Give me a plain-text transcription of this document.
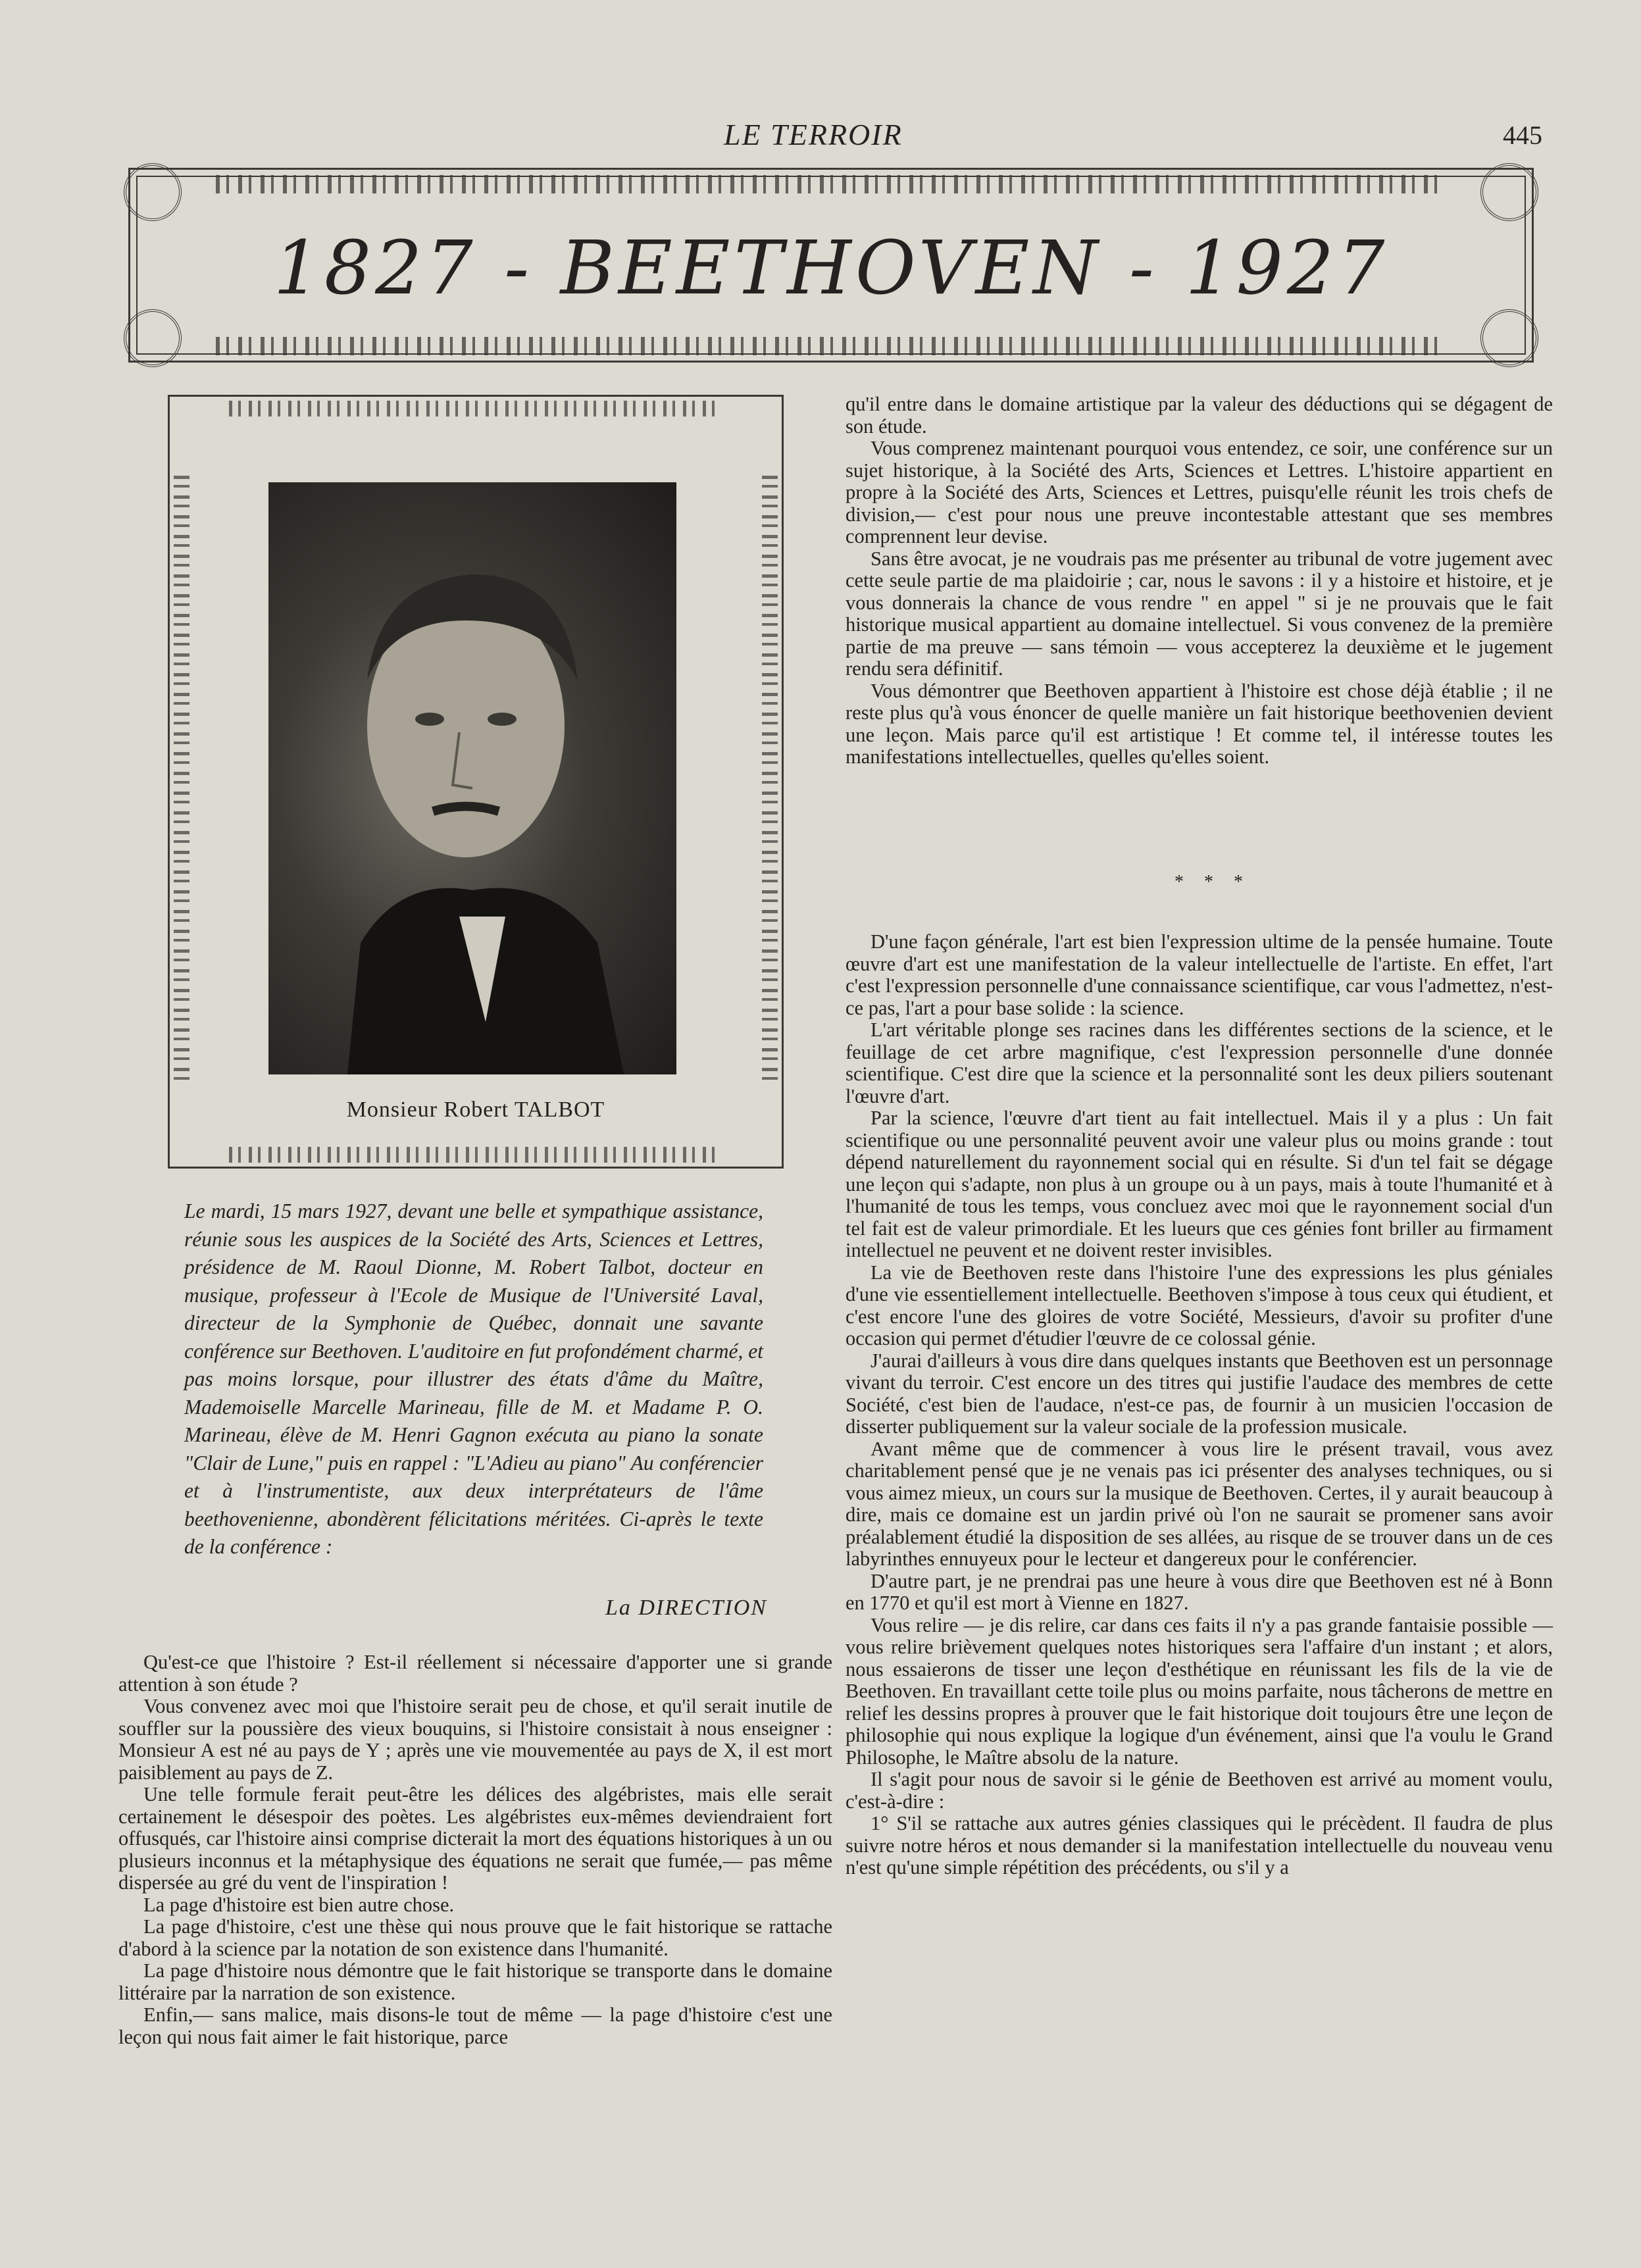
LE TERROIR	445
1827 - BEETHOVEN - 1927
Monsieur Robert TALBOT
Le mardi, 15 mars 1927, devant une belle et sympathique assistance, réunie sous les auspices de la Société des Arts, Sciences et Lettres, présidence de M. Raoul Dionne, M. Robert Talbot, docteur en musique, professeur à l'Ecole de Musique de l'Université Laval, directeur de la Symphonie de Québec, donnait une savante conférence sur Beethoven. L'auditoire en fut profondément charmé, et pas moins lorsque, pour illustrer des états d'âme du Maître, Mademoiselle Marcelle Marineau, fille de M. et Madame P. O. Marineau, élève de M. Henri Gagnon exécuta au piano la sonate "Clair de Lune," puis en rappel : "L'Adieu au piano" Au conférencier et à l'instrumentiste, aux deux interprétateurs de l'âme beethovenienne, abondèrent félicitations méritées. Ci-après le texte de la conférence :
La DIRECTION

Qu'est-ce que l'histoire ? Est-il réellement si nécessaire d'apporter une si grande attention à son étude ?

Vous convenez avec moi que l'histoire serait peu de chose, et qu'il serait inutile de souffler sur la poussière des vieux bouquins, si l'histoire consistait à nous enseigner : Monsieur A est né au pays de Y ; après une vie mouvementée au pays de X, il est mort paisiblement au pays de Z.

Une telle formule ferait peut-être les délices des algébristes, mais elle serait certainement le désespoir des poètes. Les algébristes eux-mêmes deviendraient fort offusqués, car l'histoire ainsi comprise dicterait la mort des équations historiques à un ou plusieurs inconnus et la métaphysique des équations ne serait que fumée,— pas même dispersée au gré du vent de l'inspiration !

La page d'histoire est bien autre chose.

La page d'histoire, c'est une thèse qui nous prouve que le fait historique se rattache d'abord à la science par la notation de son existence dans l'humanité.

La page d'histoire nous démontre que le fait historique se transporte dans le domaine littéraire par la narration de son existence.

Enfin,— sans malice, mais disons-le tout de même — la page d'histoire c'est une leçon qui nous fait aimer le fait historique, parce

qu'il entre dans le domaine artistique par la valeur des déductions qui se dégagent de son étude.

Vous comprenez maintenant pourquoi vous entendez, ce soir, une conférence sur un sujet historique, à la Société des Arts, Sciences et Lettres. L'histoire appartient en propre à la Société des Arts, Sciences et Lettres, puisqu'elle réunit les trois chefs de division,— c'est pour nous une preuve incontestable attestant que ses membres comprennent leur devise.

Sans être avocat, je ne voudrais pas me présenter au tribunal de votre jugement avec cette seule partie de ma plaidoirie ; car, nous le savons : il y a histoire et histoire, et je vous donnerais la chance de vous rendre " en appel " si je ne prouvais que le fait historique musical appartient au domaine intellectuel. Si vous convenez de la première partie de ma preuve — sans témoin — vous accepterez la deuxième et le jugement rendu sera définitif.

Vous démontrer que Beethoven appartient à l'histoire est chose déjà établie ; il ne reste plus qu'à vous énoncer de quelle manière un fait historique beethovenien devient une leçon. Mais parce qu'il est artistique ! Et comme tel, il intéresse toutes les manifestations intellectuelles, quelles qu'elles soient.

* * *

D'une façon générale, l'art est bien l'expression ultime de la pensée humaine. Toute œuvre d'art est une manifestation de la valeur intellectuelle de l'artiste. En effet, l'art c'est l'expression personnelle d'une connaissance scientifique, car vous l'admettez, n'est-ce pas, l'art a pour base solide : la science.

L'art véritable plonge ses racines dans les différentes sections de la science, et le feuillage de cet arbre magnifique, c'est l'expression personnelle d'une donnée scientifique. C'est dire que la science et la personnalité sont les deux piliers soutenant l'œuvre d'art.

Par la science, l'œuvre d'art tient au fait intellectuel. Mais il y a plus : Un fait scientifique ou une personnalité peuvent avoir une valeur plus ou moins grande : tout dépend naturellement du rayonnement social qui en résulte. Si d'un tel fait se dégage une leçon qui s'adapte, non plus à un groupe ou à un pays, mais à toute l'humanité et à l'humanité de tous les temps, vous concluez avec moi que le rayonnement social d'un tel fait est de valeur primordiale. Et les lueurs que ces génies font briller au firmament intellectuel ne peuvent et ne doivent rester invisibles.

La vie de Beethoven reste dans l'histoire l'une des expressions les plus géniales d'une vie essentiellement intellectuelle. Beethoven s'impose à tous ceux qui étudient, et c'est encore l'une des gloires de votre Société, Messieurs, d'avoir su profiter d'une occasion qui permet d'étudier l'œuvre de ce colossal génie.

J'aurai d'ailleurs à vous dire dans quelques instants que Beethoven est un personnage vivant du terroir. C'est encore un des titres qui justifie l'audace des membres de cette Société, c'est bien de l'audace, n'est-ce pas, de fournir à un musicien l'occasion de disserter publiquement sur la valeur sociale de la profession musicale.

Avant même que de commencer à vous lire le présent travail, vous avez charitablement pensé que je ne venais pas ici présenter des analyses techniques, ou si vous aimez mieux, un cours sur la musique de Beethoven. Certes, il y aurait beaucoup à dire, mais ce domaine est un jardin privé où l'on ne saurait se promener sans avoir préalablement étudié la disposition de ses allées, au risque de se trouver dans un de ces labyrinthes ennuyeux pour le lecteur et dangereux pour le conférencier.

D'autre part, je ne prendrai pas une heure à vous dire que Beethoven est né à Bonn en 1770 et qu'il est mort à Vienne en 1827.

Vous relire — je dis relire, car dans ces faits il n'y a pas grande fantaisie possible — vous relire brièvement quelques notes historiques sera l'affaire d'un instant ; et alors, nous essaierons de tisser une leçon d'esthétique en réunissant les fils de la vie de Beethoven. En travaillant cette toile plus ou moins parfaite, nous tâcherons de mettre en relief les dessins propres à prouver que le fait historique doit toujours être une leçon de philosophie qui nous explique la logique d'un événement, ainsi que l'a voulu le Grand Philosophe, le Maître absolu de la nature.

Il s'agit pour nous de savoir si le génie de Beethoven est arrivé au moment voulu, c'est-à-dire :

1° S'il se rattache aux autres génies classiques qui le précèdent. Il faudra de plus suivre notre héros et nous demander si la manifestation intellectuelle du nouveau venu n'est qu'une simple répétition des précédents, ou s'il y a
